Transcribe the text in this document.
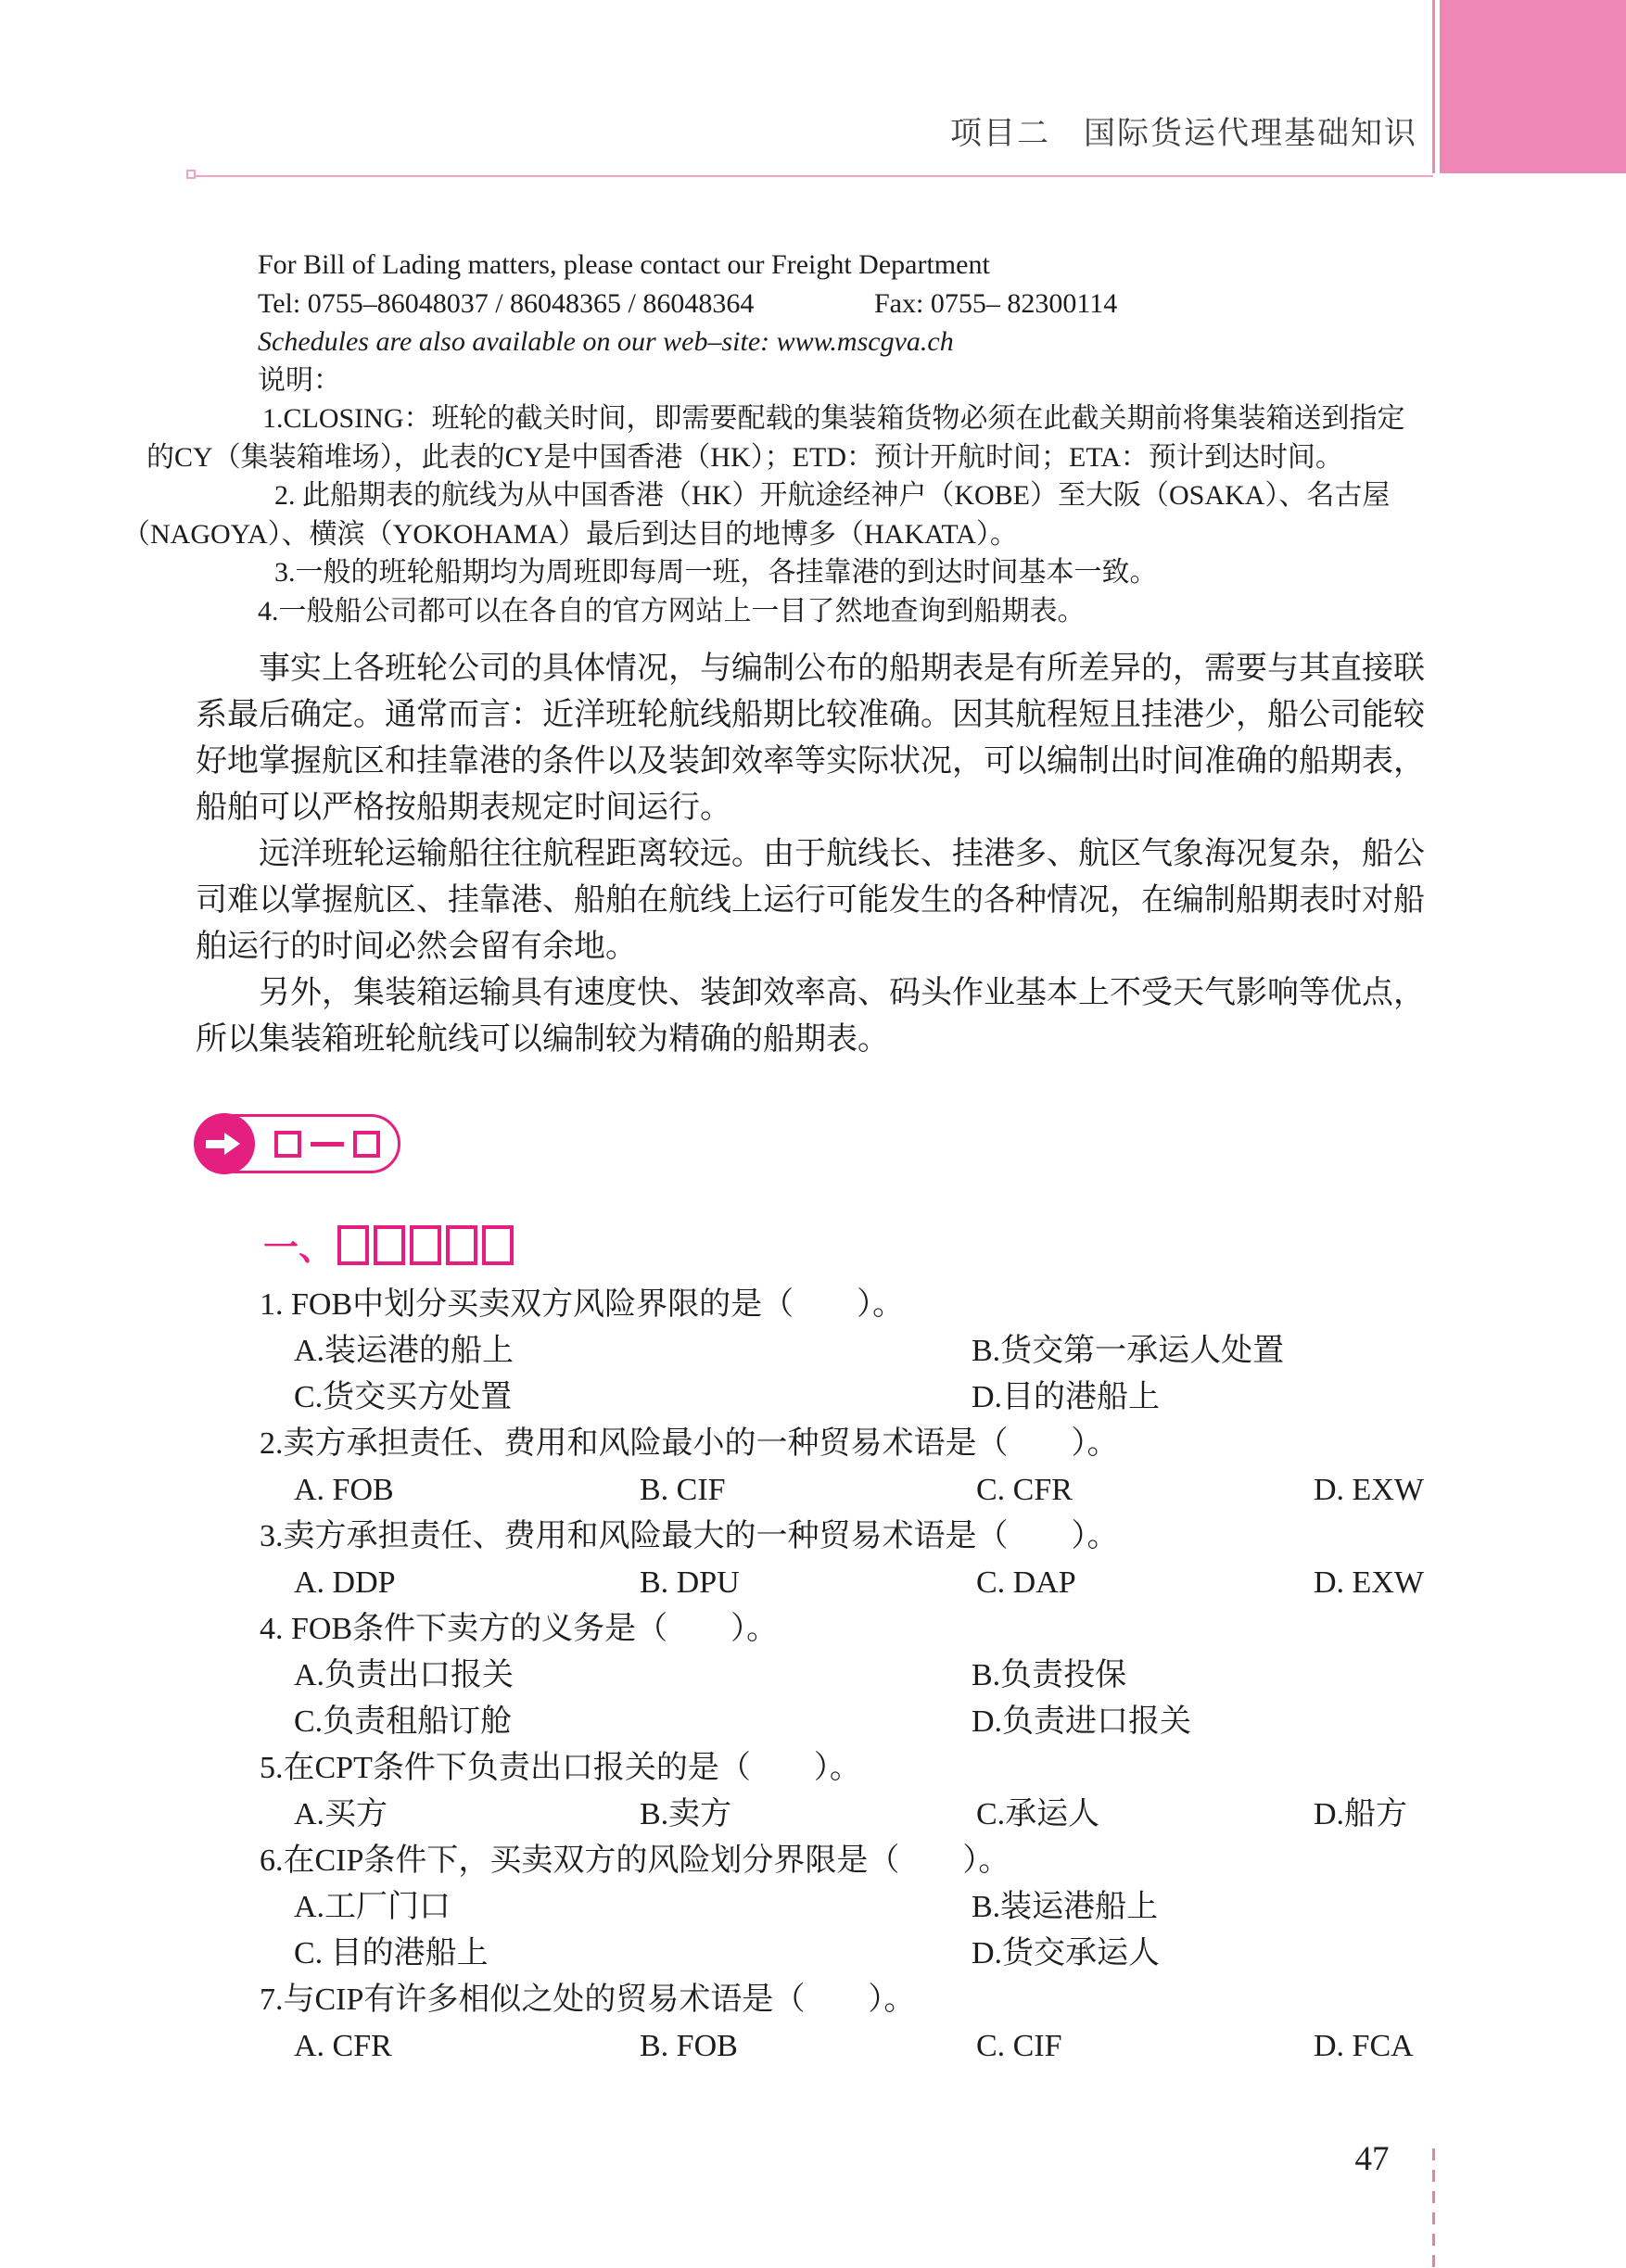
项目二　国际货运代理基础知识
For Bill of Lading matters, please contact our Freight Department
Tel: 0755–86048037 / 86048365 / 86048364	Fax: 0755– 82300114
Schedules are also available on our web–site: www.mscgva.ch
说明：
1.CLOSING：班轮的截关时间，即需要配载的集装箱货物必须在此截关期前将集装箱送到指定
的CY（集装箱堆场），此表的CY是中国香港（HK）；ETD：预计开航时间；ETA：预计到达时间。
2. 此船期表的航线为从中国香港（HK）开航途经神户（KOBE）至大阪（OSAKA）、名古屋
（NAGOYA）、横滨（YOKOHAMA）最后到达目的地博多（HAKATA）。
3.一般的班轮船期均为周班即每周一班，各挂靠港的到达时间基本一致。
4.一般船公司都可以在各自的官方网站上一目了然地查询到船期表。
事实上各班轮公司的具体情况，与编制公布的船期表是有所差异的，需要与其直接联
系最后确定。通常而言：近洋班轮航线船期比较准确。因其航程短且挂港少，船公司能较
好地掌握航区和挂靠港的条件以及装卸效率等实际状况，可以编制出时间准确的船期表，
船舶可以严格按船期表规定时间运行。
远洋班轮运输船往往航程距离较远。由于航线长、挂港多、航区气象海况复杂，船公
司难以掌握航区、挂靠港、船舶在航线上运行可能发生的各种情况，在编制船期表时对船
舶运行的时间必然会留有余地。
另外，集装箱运输具有速度快、装卸效率高、码头作业基本上不受天气影响等优点，
所以集装箱班轮航线可以编制较为精确的船期表。
一、
1. FOB中划分买卖双方风险界限的是（　　）。
A.装运港的船上	B.货交第一承运人处置
C.货交买方处置	D.目的港船上
2.卖方承担责任、费用和风险最小的一种贸易术语是（　　）。
A. FOB	B. CIF	C. CFR	D. EXW
3.卖方承担责任、费用和风险最大的一种贸易术语是（　　）。
A. DDP	B. DPU	C. DAP	D. EXW
4. FOB条件下卖方的义务是（　　）。
A.负责出口报关	B.负责投保
C.负责租船订舱	D.负责进口报关
5.在CPT条件下负责出口报关的是（　　）。
A.买方	B.卖方	C.承运人	D.船方
6.在CIP条件下，买卖双方的风险划分界限是（　　）。
A.工厂门口	B.装运港船上
C. 目的港船上	D.货交承运人
7.与CIP有许多相似之处的贸易术语是（　　）。
A. CFR	B. FOB	C. CIF	D. FCA
47
